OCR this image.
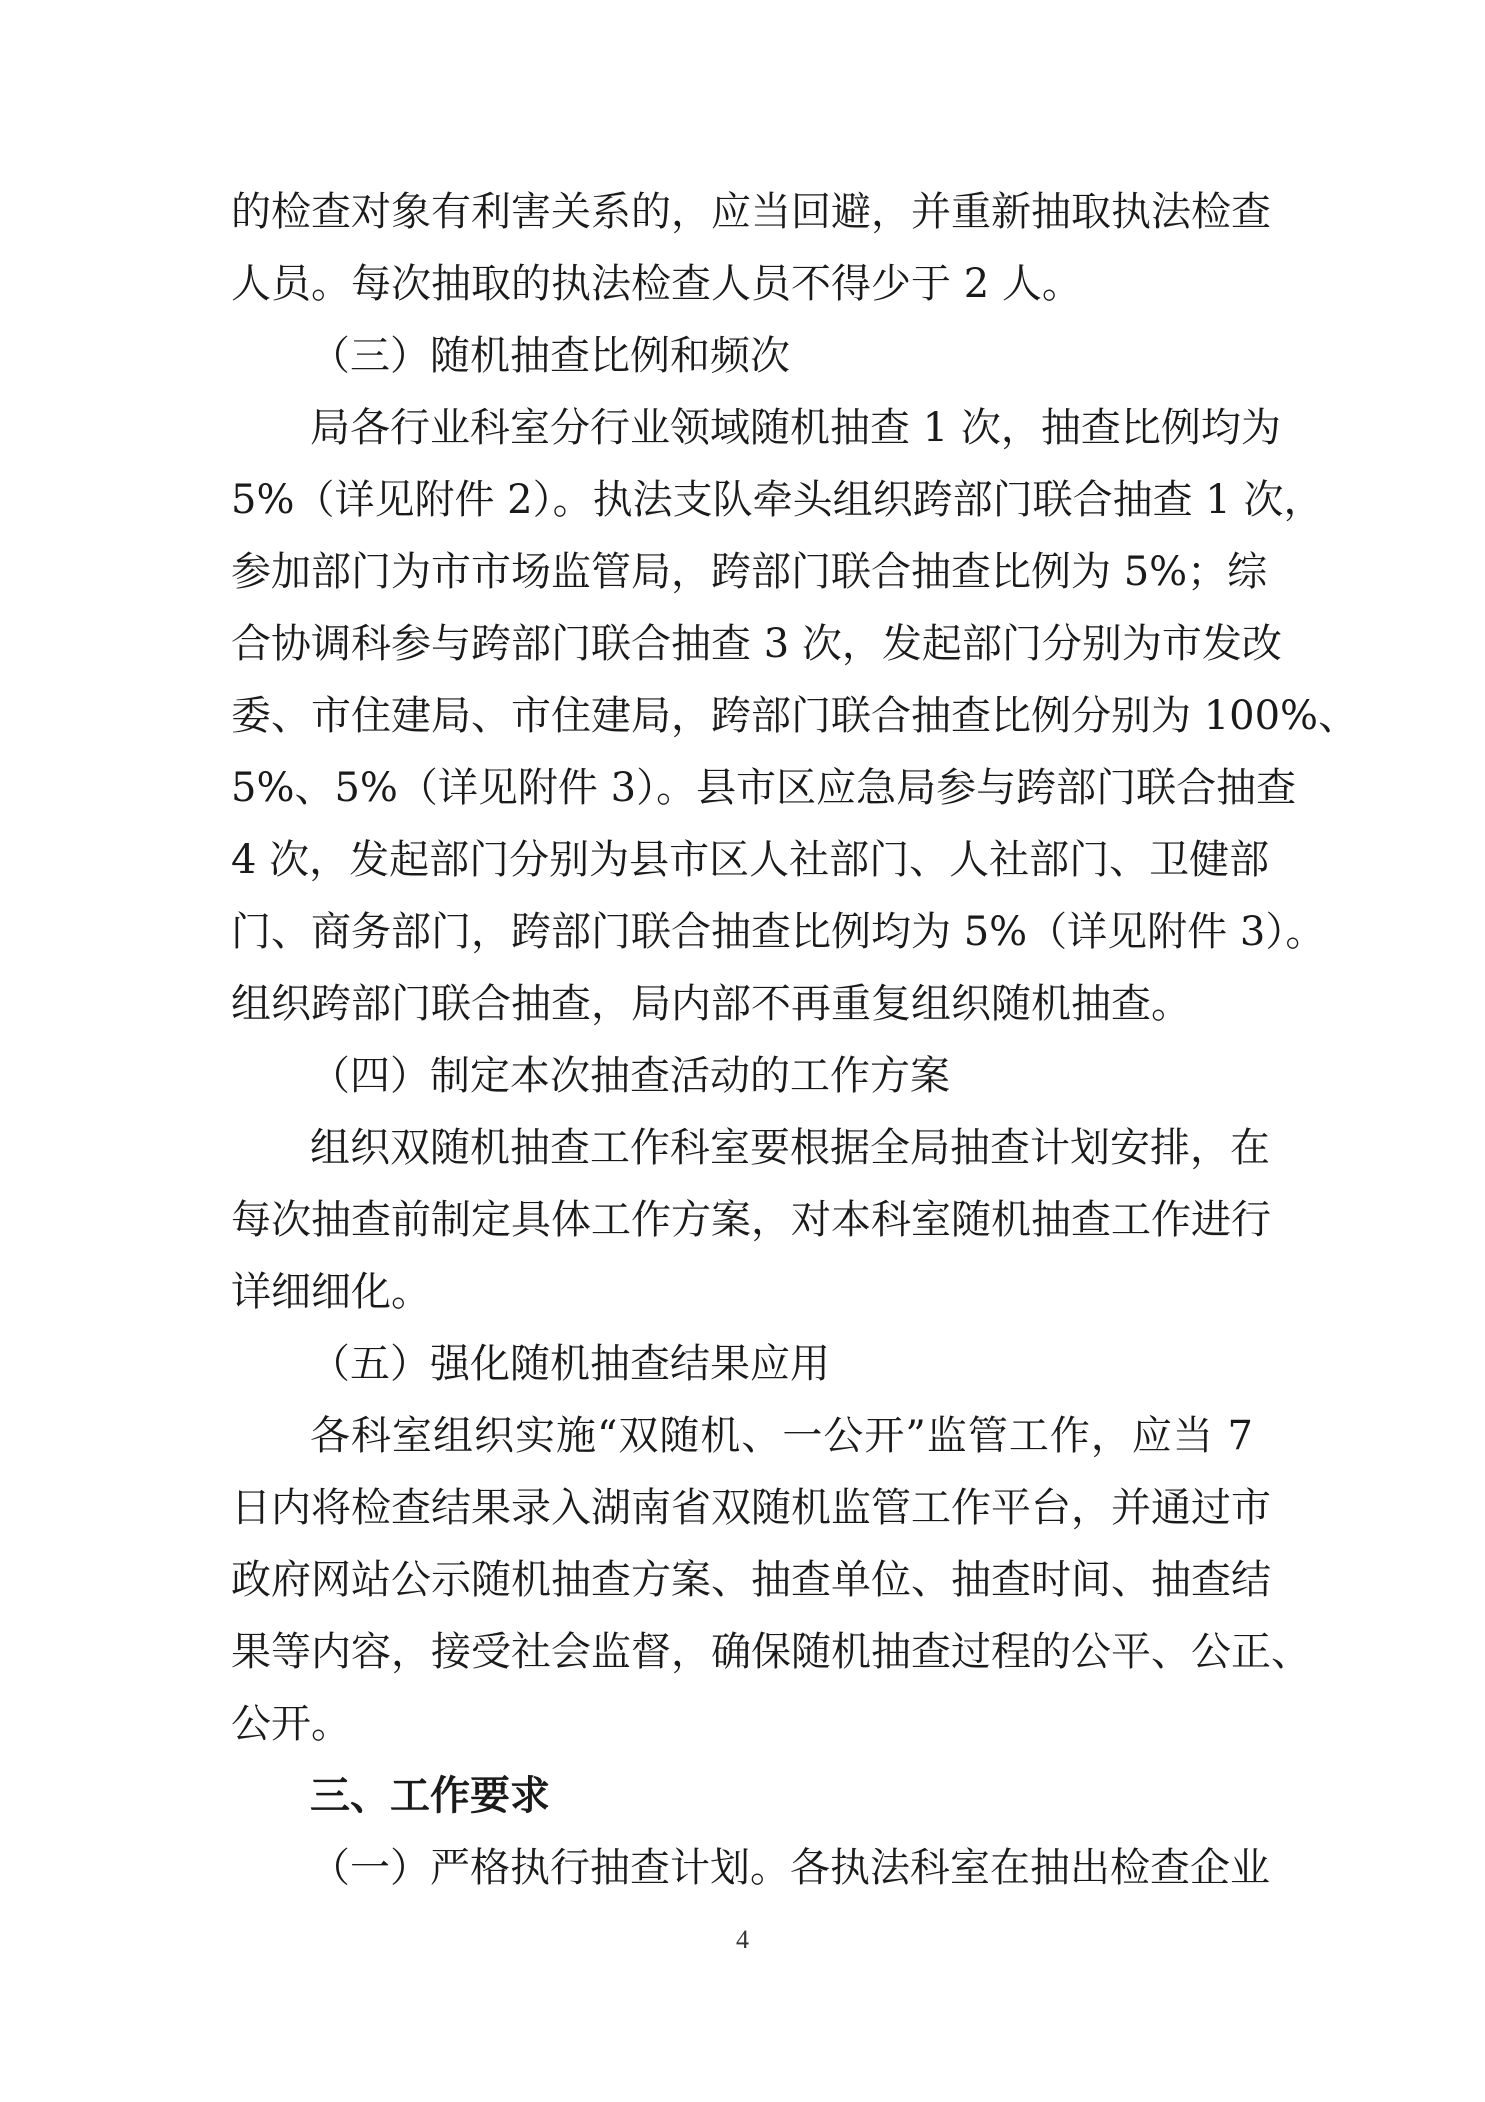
的检查对象有利害关系的，应当回避，并重新抽取执法检查

人员。每次抽取的执法检查人员不得少于 2 人。

（三）随机抽查比例和频次

局各行业科室分行业领域随机抽查 1 次，抽查比例均为

5%（详见附件 2）。执法支队牵头组织跨部门联合抽查 1 次，

参加部门为市市场监管局，跨部门联合抽查比例为 5%；综

合协调科参与跨部门联合抽查 3 次，发起部门分别为市发改

委、市住建局、市住建局，跨部门联合抽查比例分别为 100%、

5%、5%（详见附件 3）。县市区应急局参与跨部门联合抽查

4 次，发起部门分别为县市区人社部门、人社部门、卫健部

门、商务部门，跨部门联合抽查比例均为 5%（详见附件 3）。

组织跨部门联合抽查，局内部不再重复组织随机抽查。

（四）制定本次抽查活动的工作方案

组织双随机抽查工作科室要根据全局抽查计划安排，在

每次抽查前制定具体工作方案，对本科室随机抽查工作进行

详细细化。

（五）强化随机抽查结果应用

各科室组织实施“双随机、一公开”监管工作，应当 7

日内将检查结果录入湖南省双随机监管工作平台，并通过市

政府网站公示随机抽查方案、抽查单位、抽查时间、抽查结

果等内容，接受社会监督，确保随机抽查过程的公平、公正、

公开。

三、工作要求

（一）严格执行抽查计划。各执法科室在抽出检查企业

4
